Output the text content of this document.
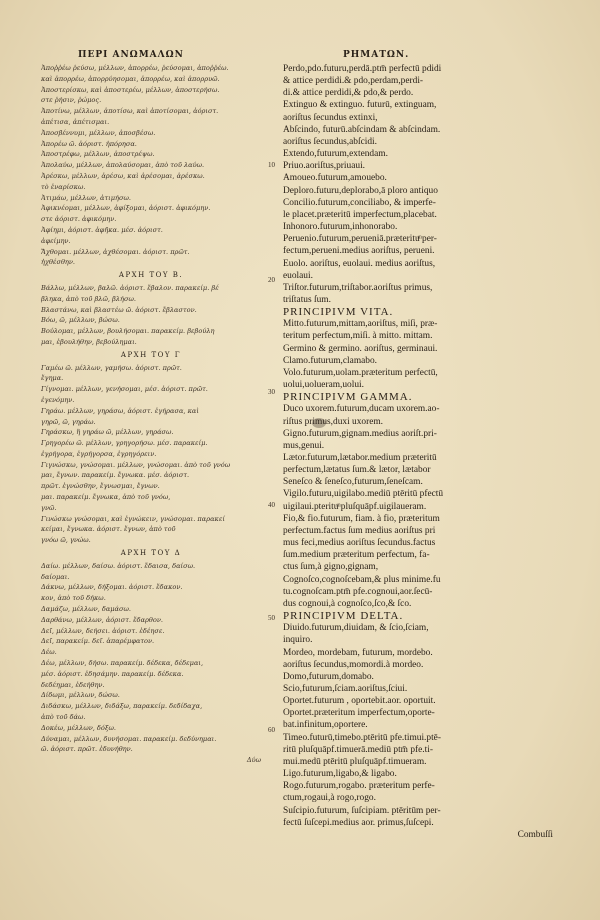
ΠΕΡΙ ΑΝΩΜΑΛΩΝ	ΡΗΜΑΤΩΝ.
Ἀποῤῥέω ῥεύσω, μέλλων, ἀπορρέω, ῥεύσομαι, ἀποῤῥέω.
καὶ ἀπορρέω, ἀπορρύησομαι, ἀπορρέω, καὶ ἀπορρυῶ.
Ἀποστερίσκω, καὶ ἀποστερέω, μέλλων, ἀποστερήσω.
στε ῥήσιν, ῥώμος.
Ἀποτίνω, μέλλων, ἀποτίσω, καὶ ἀποτίσομαι, ἀόριστ.
ἀπέτισα, ἀπέτισμαι.
Ἀποσβέννυμι, μέλλων, ἀποσβέσω.
Ἀπορέω ῶ. ἀόριστ. ἠπόρησα.
Ἀποστρέφω, μέλλων, ἀποστρέψω.
Ἀπολαύω, μέλλων, ἀπολαύσομαι, ἀπὸ τοῦ λαύω.
Ἀρέσκω, μέλλων, ἀρέσω, καὶ ἀρέσομαι, ἀρέσκω.
τὸ ἐναρίσκω.
Ἀτιμάω, μέλλων, ἀτιμήσω.
Ἀφικνέομαι, μέλλων, ἀφίξομαι, ἀόριστ. ἀφικόμην.
στε ἀόριστ. ἀφικόμην.
Ἀφίημι, ἀόριστ. ἀφῆκα. μέσ. ἀόριστ.
ἀφείμην.
Ἄχθομαι. μέλλων, ἀχθέσομαι. ἀόριστ. πρῶτ.
ἠχθέσθην.
ΑΡΧΗ ΤΟΥ Β.
Βάλλω, μέλλων, βαλῶ. ἀόριστ. ἔβαλον. παρακείμ. βέ
βληκα, ἀπὸ τοῦ βλῶ, βλήσω.
Βλαστάνω, καὶ βλαστέω ῶ. ἀόριστ. ἔβλαστον.
Βόω, ῶ, μέλλων, βώσω.
Βούλομαι, μέλλων, βουλήσομαι. παρακείμ. βεβούλη
μαι, ἐβουλήθην, βεβούλημαι.
ΑΡΧΗ ΤΟΥ Γ
Γαμέω ῶ. μέλλων, γαμήσω. ἀόριστ. πρῶτ.
ἔγημα.
Γίγνομαι. μέλλων, γενήσομαι, μέσ. ἀόριστ. πρῶτ.
ἐγενόμην.
Γηράω. μέλλων, γηράσω, ἀόριστ. ἐγήρασα, καὶ
γηρῶ, ῶ, γηράω.
Γηράσκω, ἢ γηράω ῶ, μέλλων, γηράσω.
Γρηγορέω ῶ. μέλλων, γρηγορήσω. μέσ. παρακείμ.
ἐγρήγορα, ἐγρήγορσα, ἐγρηγόρειν.
Γιγνώσκω, γνώσομαι. μέλλων, γνώσομαι. ἀπὸ τοῦ γνόω
μαι, ἔγνων. παρακείμ. ἔγνωκα. μέσ. ἀόριστ.
πρῶτ. ἐγνώσθην, ἔγνωσμαι, ἔγνων.
μαι. παρακείμ. ἔγνωκα, ἀπὸ τοῦ γνόω,
γνῶ.
Γινώσκω γνώσομαι, καὶ ἐγνώκειν, γνώσομαι. παρακεί
κείμαι, ἔγνωκα. ἀόριστ. ἔγνων, ἀπὸ τοῦ
γνόω ῶ, γνώω.
ΑΡΧΗ ΤΟΥ Δ
Δαίω. μέλλων, δαίσω. ἀόριστ. ἔδαισα, δαίσω.
δαίομαι.
Δάκνω, μέλλων, δήξομαι. ἀόριστ. ἔδακον.
κον, ἀπὸ τοῦ δήκω.
Δαμάζω, μέλλων, δαμάσω.
Δαρθάνω, μέλλων, ἀόριστ. ἔδαρθον.
Δεῖ, μέλλων, δεήσει. ἀόριστ. ἐδέησε.
Δεῖ, παρακείμ. δεῖ. ἀπαρέμφατον.
Δέω.
Δέω, μέλλων, δήσω. παρακείμ. δέδεκα, δέδεμαι,
μέσ. ἀόριστ. ἐδησάμην. παρακείμ. δέδεκα.
δεδέημαι, ἐδεήθην.
Δίδωμι, μέλλων, δώσω.
Διδάσκω, μέλλων, διδάξω, παρακείμ. δεδίδαχα,
ἀπὸ τοῦ δάω.
Δοκέω, μέλλων, δόξω.
Δύναμαι, μέλλων, δυνήσομαι. παρακείμ. δεδύνημαι.
ῶ. ἀόριστ. πρῶτ. ἐδυνήθην.
Δύω
Perdo,pdo.futuru,perdā.ptm̄ perfectū pdidi
& attice perdidi.& pdo,perdam,perdi-
di.& attice perdidi,& pdo,& perdo.
Extinguo & extinguo. futurū, extinguam,
aoriſtus ſecundus extinxi,
Abſcindo, futurū.abſcindam & abſcindam.
aoriſtus ſecundus,abſcidi.
Extendo,futurum,extendam.
Priuo.aoriſtus,priuaui.
Amoueo.futurum,amouebo.
Deploro.futuru,deplorabo,ā ploro antiquo
Concilio.futurum,conciliabo, & imperfe-
le placet.præteritū imperfectum,placebat.
Inhonoro.futurum,inhonorabo.
Peruenio.futurum,perueniā.præterituͫ per-
fectum,perueni.medius aoriſtus, perueni.
Euolo. aoriſtus, euolaui. medius aoriſtus,
euolaui.
Triſtor.futurum,triſtabor.aoriſtus primus,
triſtatus ſum.
PRINCIPIVM VITA.
Mitto.futurum,mittam,aoriſtus, miſi, præ-
teritum perfectum,miſi. à mitto. mittam.
Germino & germino. aoriſtus, germinaui.
Clamo.futurum,clamabo.
Volo.futurum,uolam.præteritum perfectū,
uolui,uolueram,uolui.
PRINCIPIVM GAMMA.
Duco uxorem.futurum,ducam uxorem.ao-
riſtus primus,duxi uxorem.
Gigno.futurum,gignam.medius aoriſt.pri-
mus,genui.
Lætor.futurum,lætabor.medium præteritū
perfectum,lætatus ſum.& lætor, lætabor
Seneſco & ſeneſco,futurum,ſeneſcam.
Vigilo.futuru,uigilabo.mediū ptēritū pfectū
uigilaui.pterituͫ pluſquāpf.uigilaueram.
Fio,& fio.futurum, fiam. à fio, præteritum
perfectum.factus ſum medius aoriſtus pri
mus feci,medius aoriſtus ſecundus.factus
ſum.medium præteritum perfectum, fa-
ctus ſum,à gigno,gignam,
Cognoſco,cognoſcebam,& plus minime.fu
tu.cognoſcam.ptm̄ pfe.cognoui,aor.ſecū-
dus cognoui,à cognoſco,ſco,& ſco.
PRINCIPIVM DELTA.
Diuido.futurum,diuidam, & ſcio,ſciam,
inquiro.
Mordeo, mordebam, futurum, mordebo.
aoriſtus ſecundus,momordi.à mordeo.
Domo,futurum,domabo.
Scio,futurum,ſciam.aoriſtus,ſciui.
Oportet.futurum , oportebit.aor. oportuit.
Oportet.præteritum imperfectum,oporte-
bat.infinitum,oportere.
Timeo.futurū,timebo.ptēritū pfe.timui.ptē-
ritū pluſquāpf.timuerā.mediū ptm̄ pfe.ti-
mui.medū ptēritū pluſquāpf.timueram.
Ligo.futurum,ligabo,& ligabo.
Rogo.futurum,rogabo. præteritum perfe-
ctum,rogaui,à rogo,rogo.
Suſcipio.futurum, ſuſcipiam. ptēritūm per-
fectū ſuſcepi.medius aor. primus,ſuſcepi.
Combuſſi
10
20
30
40
50
60
